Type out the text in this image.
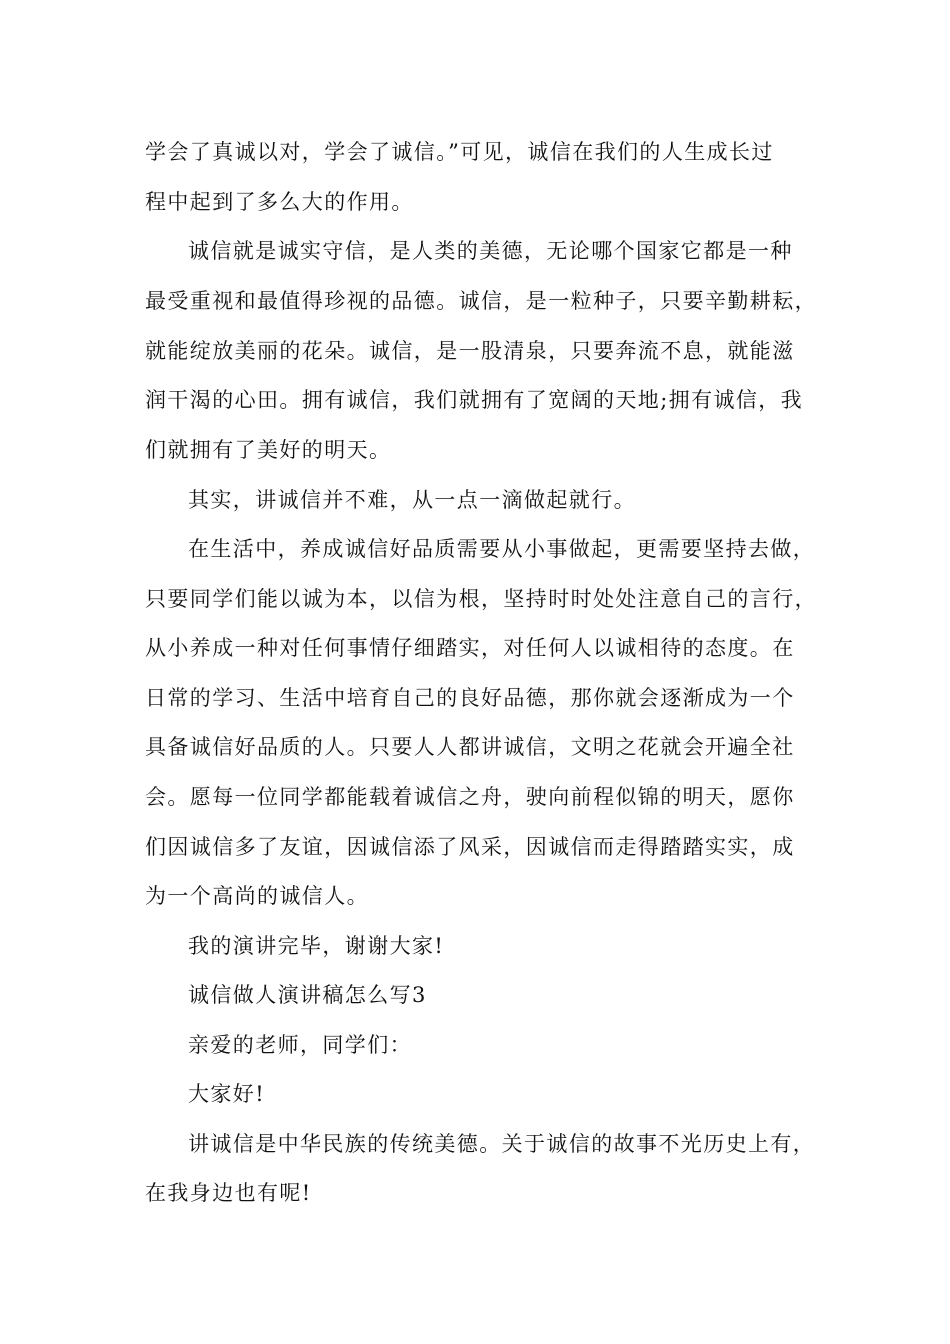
学会了真诚以对，学会了诚信。”可见，诚信在我们的人生成长过
程中起到了多么大的作用。
诚信就是诚实守信，是人类的美德，无论哪个国家它都是一种
最受重视和最值得珍视的品德。诚信，是一粒种子，只要辛勤耕耘，
就能绽放美丽的花朵。诚信，是一股清泉，只要奔流不息，就能滋
润干渴的心田。拥有诚信，我们就拥有了宽阔的天地;拥有诚信，我
们就拥有了美好的明天。
其实，讲诚信并不难，从一点一滴做起就行。
在生活中，养成诚信好品质需要从小事做起，更需要坚持去做，
只要同学们能以诚为本，以信为根，坚持时时处处注意自己的言行，
从小养成一种对任何事情仔细踏实，对任何人以诚相待的态度。在
日常的学习、生活中培育自己的良好品德，那你就会逐渐成为一个
具备诚信好品质的人。只要人人都讲诚信，文明之花就会开遍全社
会。愿每一位同学都能载着诚信之舟，驶向前程似锦的明天，愿你
们因诚信多了友谊，因诚信添了风采，因诚信而走得踏踏实实，成
为一个高尚的诚信人。
我的演讲完毕，谢谢大家!
诚信做人演讲稿怎么写3
亲爱的老师，同学们：
大家好!
讲诚信是中华民族的传统美德。关于诚信的故事不光历史上有，
在我身边也有呢!
